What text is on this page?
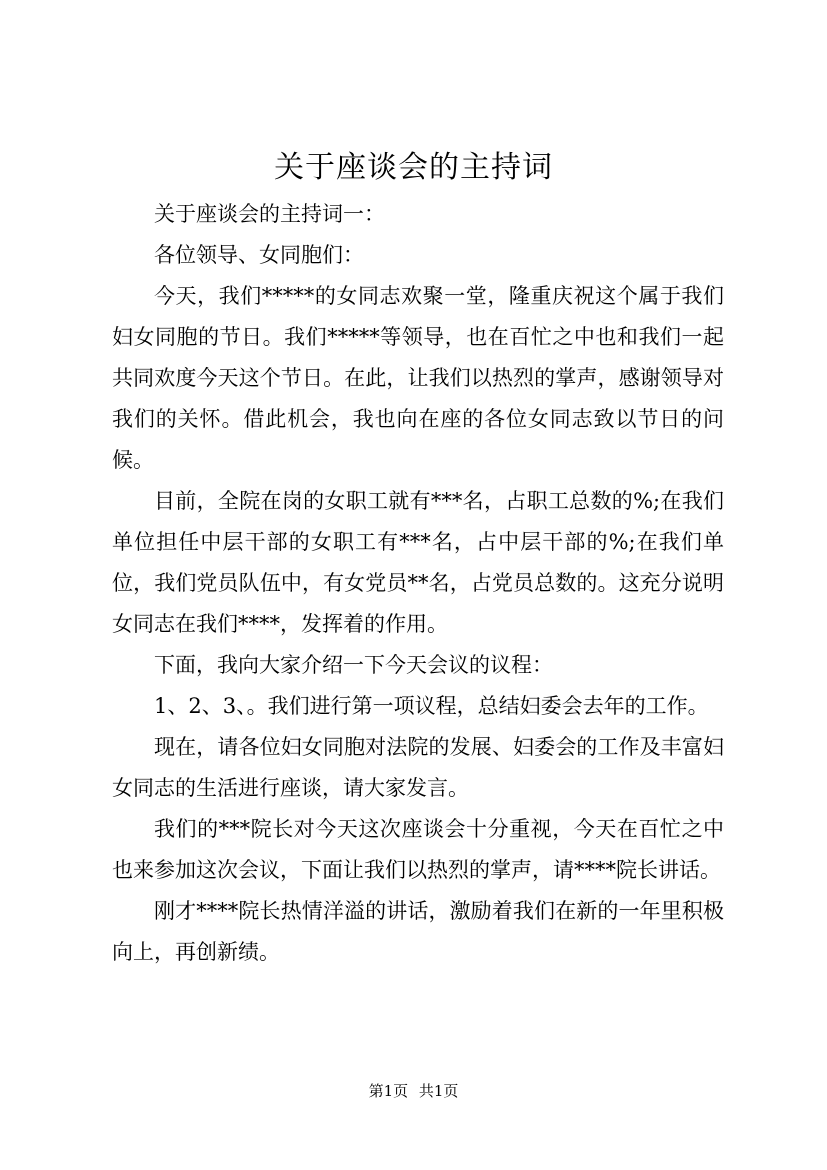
关于座谈会的主持词

关于座谈会的主持词一：

各位领导、女同胞们：

今天，我们*****的女同志欢聚一堂，隆重庆祝这个属于我们妇女同胞的节日。我们*****等领导，也在百忙之中也和我们一起共同欢度今天这个节日。在此，让我们以热烈的掌声，感谢领导对我们的关怀。借此机会，我也向在座的各位女同志致以节日的问候。

目前，全院在岗的女职工就有***名，占职工总数的%;在我们单位担任中层干部的女职工有***名，占中层干部的%;在我们单位，我们党员队伍中，有女党员**名，占党员总数的。这充分说明女同志在我们****，发挥着的作用。

下面，我向大家介绍一下今天会议的议程：

1、2、3、。我们进行第一项议程，总结妇委会去年的工作。

现在，请各位妇女同胞对法院的发展、妇委会的工作及丰富妇女同志的生活进行座谈，请大家发言。

我们的***院长对今天这次座谈会十分重视，今天在百忙之中也来参加这次会议，下面让我们以热烈的掌声，请****院长讲话。

刚才****院长热情洋溢的讲话，激励着我们在新的一年里积极向上，再创新绩。

第1页 共1页
